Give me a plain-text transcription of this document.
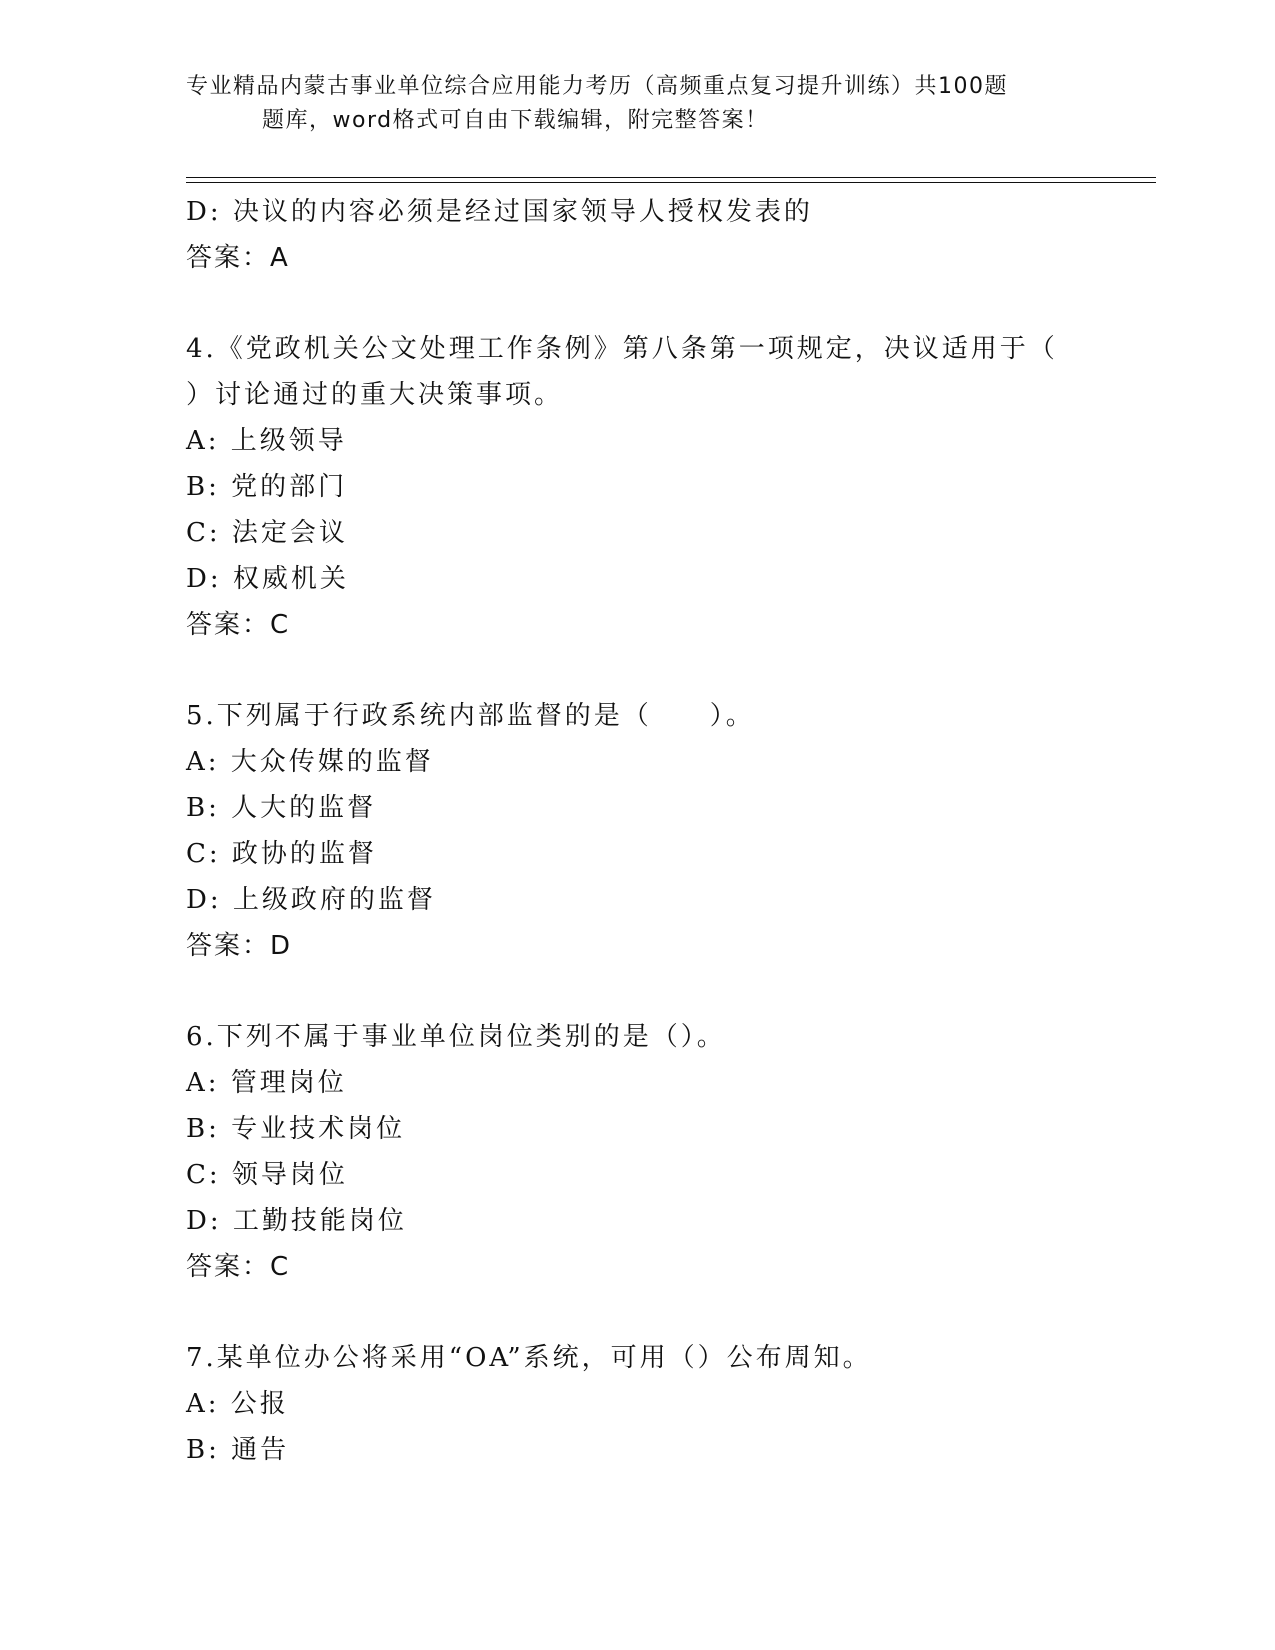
专业精品内蒙古事业单位综合应用能力考历（高频重点复习提升训练）共100题
题库，word格式可自由下载编辑，附完整答案！
D: 决议的内容必须是经过国家领导人授权发表的
答案：A
4.《党政机关公文处理工作条例》第八条第一项规定，决议适用于（
）讨论通过的重大决策事项。
A: 上级领导
B: 党的部门
C: 法定会议
D: 权威机关
答案：C
5.下列属于行政系统内部监督的是（　　）。
A: 大众传媒的监督
B: 人大的监督
C: 政协的监督
D: 上级政府的监督
答案：D
6.下列不属于事业单位岗位类别的是（）。
A: 管理岗位
B: 专业技术岗位
C: 领导岗位
D: 工勤技能岗位
答案：C
7.某单位办公将采用“OA”系统，可用（）公布周知。
A: 公报
B: 通告
